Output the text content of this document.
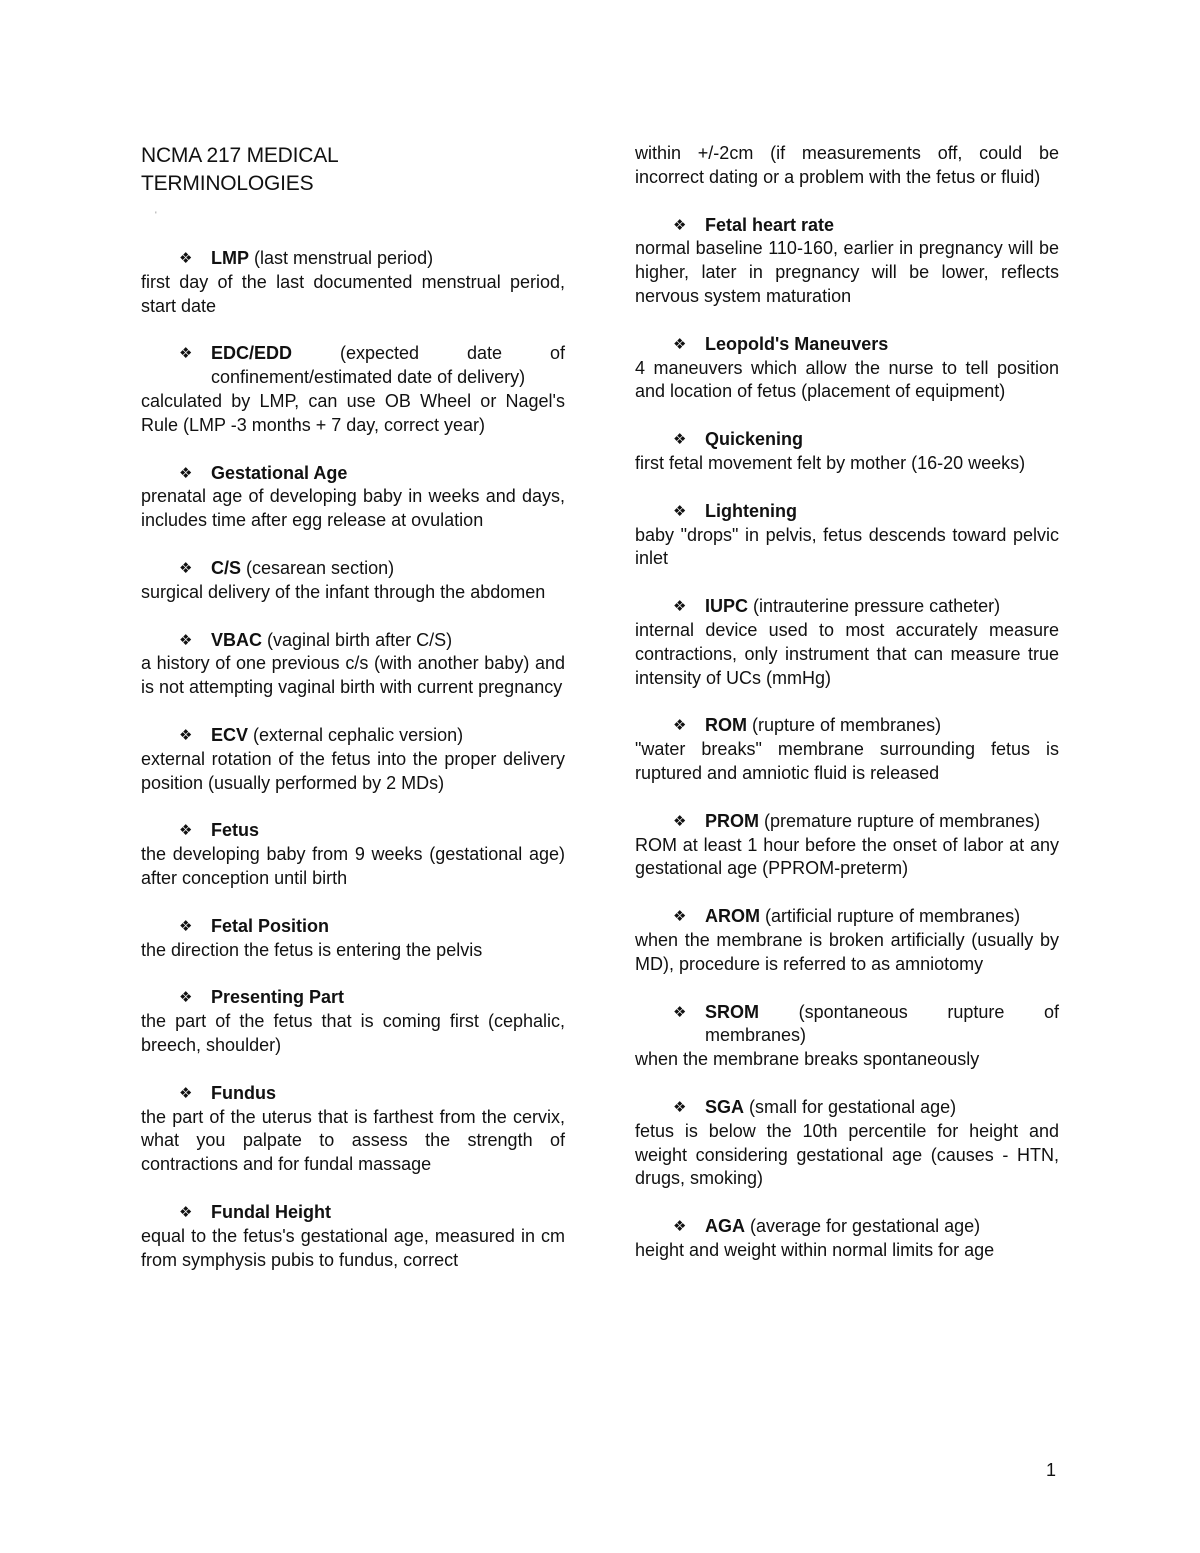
NCMA 217 MEDICAL
TERMINOLOGIES
'
❖	LMP (last menstrual period)
first day of the last documented menstrual period, start date
❖	EDC/EDD (expected date of confinement/estimated date of delivery)
calculated by LMP, can use OB Wheel or Nagel's Rule (LMP -3 months + 7 day, correct year)
❖	Gestational Age
prenatal age of developing baby in weeks and days, includes time after egg release at ovulation
❖	C/S (cesarean section)
surgical delivery of the infant through the abdomen
❖	VBAC (vaginal birth after C/S)
a history of one previous c/s (with another baby) and is not attempting vaginal birth with current pregnancy
❖	ECV (external cephalic version)
external rotation of the fetus into the proper delivery position (usually performed by 2 MDs)
❖	Fetus
the developing baby from 9 weeks (gestational age) after conception until birth
❖	Fetal Position
the direction the fetus is entering the pelvis
❖	Presenting Part
the part of the fetus that is coming first (cephalic, breech, shoulder)
❖	Fundus
the part of the uterus that is farthest from the cervix, what you palpate to assess the strength of contractions and for fundal massage
❖	Fundal Height
equal to the fetus's gestational age, measured in cm from symphysis pubis to fundus, correct
within +/-2cm (if measurements off, could be incorrect dating or a problem with the fetus or fluid)
❖	Fetal heart rate
normal baseline 110-160, earlier in pregnancy will be higher, later in pregnancy will be lower, reflects nervous system maturation
❖	Leopold's Maneuvers
4 maneuvers which allow the nurse to tell position and location of fetus (placement of equipment)
❖	Quickening
first fetal movement felt by mother (16-20 weeks)
❖	Lightening
baby "drops" in pelvis, fetus descends toward pelvic inlet
❖	IUPC (intrauterine pressure catheter)
internal device used to most accurately measure contractions, only instrument that can measure true intensity of UCs (mmHg)
❖	ROM (rupture of membranes)
"water breaks" membrane surrounding fetus is ruptured and amniotic fluid is released
❖	PROM (premature rupture of membranes)
ROM at least 1 hour before the onset of labor at any gestational age (PPROM-preterm)
❖	AROM (artificial rupture of membranes)
when the membrane is broken artificially (usually by MD), procedure is referred to as amniotomy
❖	SROM (spontaneous rupture of membranes)
when the membrane breaks spontaneously
❖	SGA (small for gestational age)
fetus is below the 10th percentile for height and weight considering gestational age (causes - HTN, drugs, smoking)
❖	AGA (average for gestational age)
height and weight within normal limits for age
1
